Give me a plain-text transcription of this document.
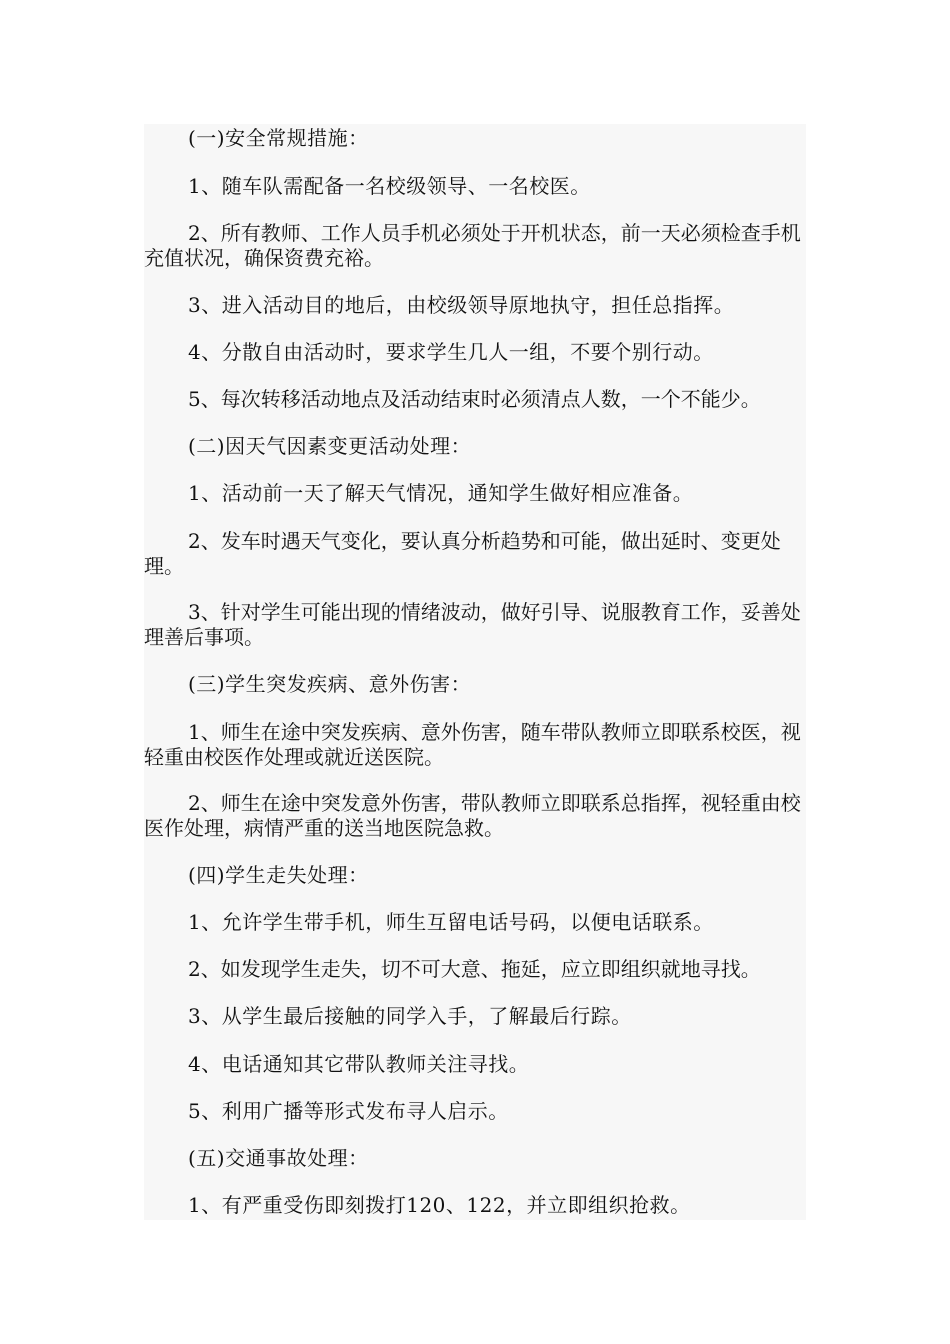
(一)安全常规措施：

1、随车队需配备一名校级领导、一名校医。

2、所有教师、工作人员手机必须处于开机状态，前一天必须检查手机充值状况，确保资费充裕。

3、进入活动目的地后，由校级领导原地执守，担任总指挥。

4、分散自由活动时，要求学生几人一组，不要个别行动。

5、每次转移活动地点及活动结束时必须清点人数，一个不能少。

(二)因天气因素变更活动处理：

1、活动前一天了解天气情况，通知学生做好相应准备。

2、发车时遇天气变化，要认真分析趋势和可能，做出延时、变更处理。

3、针对学生可能出现的情绪波动，做好引导、说服教育工作，妥善处理善后事项。

(三)学生突发疾病、意外伤害：

1、师生在途中突发疾病、意外伤害，随车带队教师立即联系校医，视轻重由校医作处理或就近送医院。

2、师生在途中突发意外伤害，带队教师立即联系总指挥，视轻重由校医作处理，病情严重的送当地医院急救。

(四)学生走失处理：

1、允许学生带手机，师生互留电话号码，以便电话联系。

2、如发现学生走失，切不可大意、拖延，应立即组织就地寻找。

3、从学生最后接触的同学入手，了解最后行踪。

4、电话通知其它带队教师关注寻找。

5、利用广播等形式发布寻人启示。

(五)交通事故处理：

1、有严重受伤即刻拨打120、122，并立即组织抢救。
